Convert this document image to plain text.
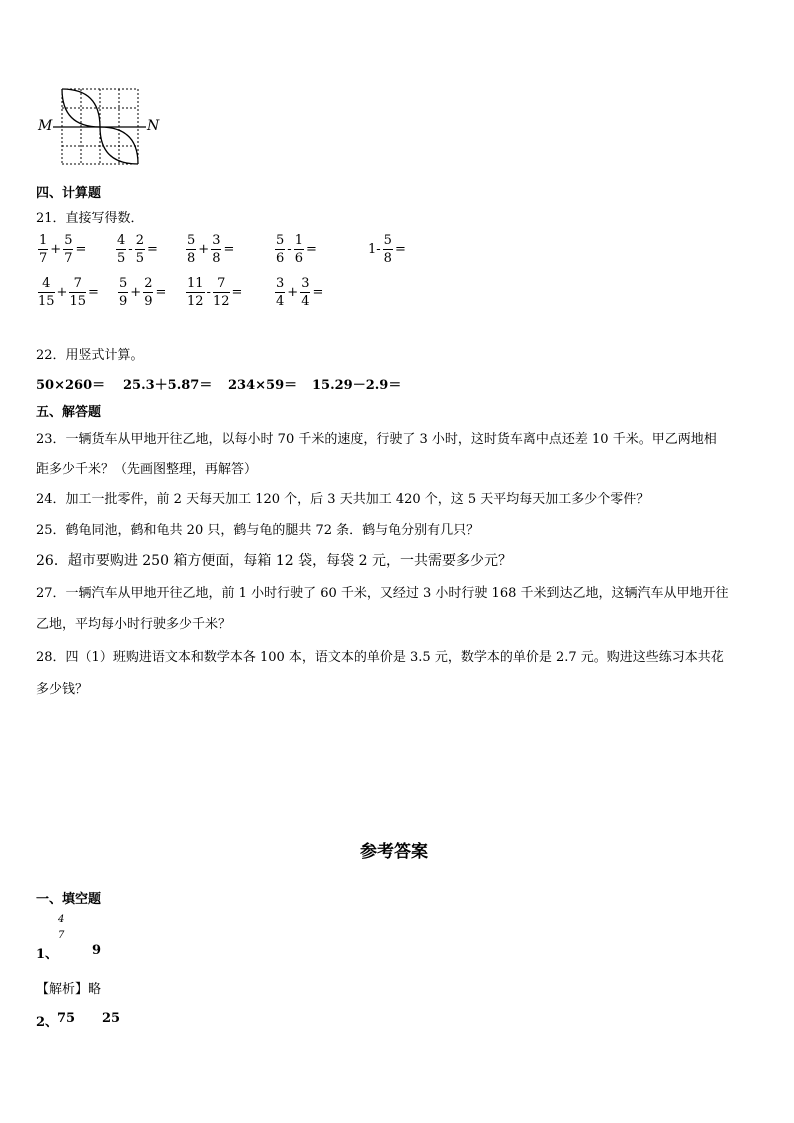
M	N
四、计算题
21．直接写得数．
$\frac{1}{7} + \frac{5}{7} = \frac{4}{5} - \frac{2}{5} = \frac{5}{8} + \frac{3}{8}$ =	$\frac{5}{6} - \frac{1}{6}$ =	$1- \frac{5}{8}$ =
$\frac{4}{15} + \frac{7}{15} = \frac{5}{9} + \frac{2}{9} = \frac{11}{12} - \frac{7}{12}$ =	$\frac{3}{4} + \frac{3}{4}$ =
22．用竖式计算。
50×260＝ 25.3＋5.87＝ 234×59＝ 15.29－2.9＝
五、解答题
23．一辆货车从甲地开往乙地，以每小时 70 千米的速度，行驶了 3 小时，这时货车离中点还差 10 千米。甲乙两地相
距多少千米？（先画图整理，再解答）
24．加工一批零件，前 2 天每天加工 120 个，后 3 天共加工 420 个，这 5 天平均每天加工多少个零件？
25．鹤龟同池，鹤和龟共 20 只，鹤与龟的腿共 72 条．鹤与龟分别有几只？
26．超市要购进 250 箱方便面，每箱 12 袋，每袋 2 元，一共需要多少元？
27．一辆汽车从甲地开往乙地，前 1 小时行驶了 60 千米，又经过 3 小时行驶 168 千米到达乙地，这辆汽车从甲地开往
乙地，平均每小时行驶多少千米？
28．四（1）班购进语文本和数学本各 100 本，语文本的单价是 3.5 元，数学本的单价是 2.7 元。购进这些练习本共花
多少钱？
参考答案
一、填空题
1、
4
7
9
【解析】略
2、
75 25
